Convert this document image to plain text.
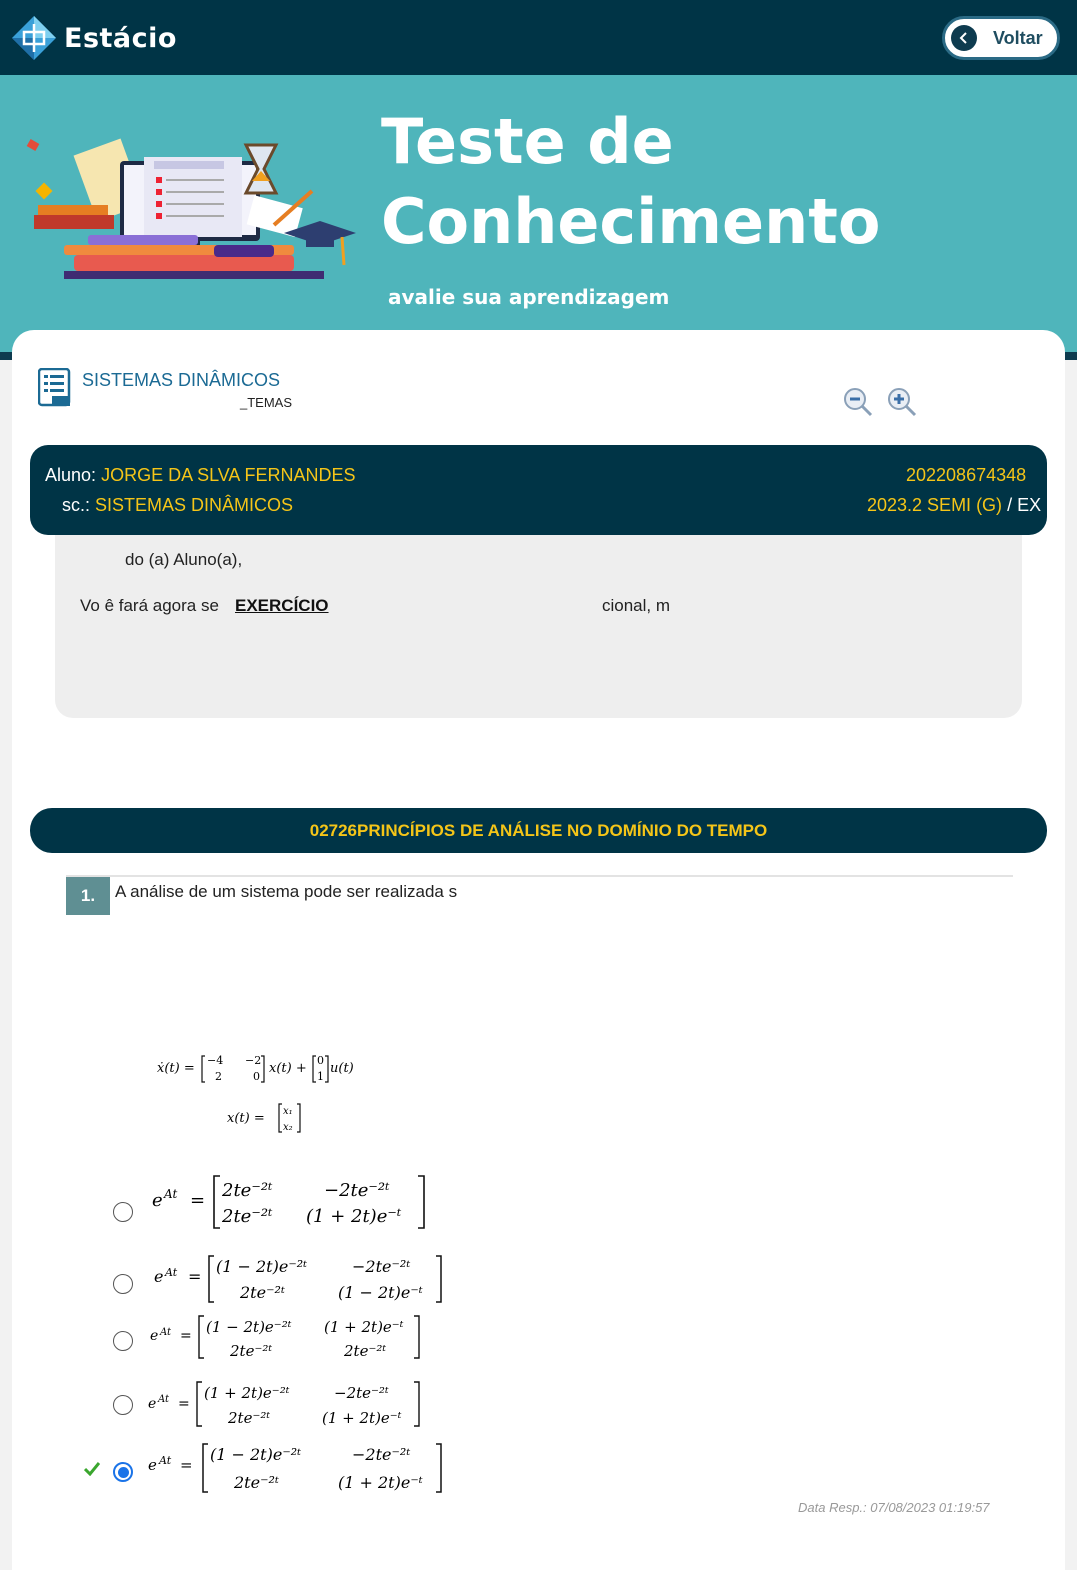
Estácio	Voltar
Teste de
Conhecimento
avalie sua aprendizagem
SISTEMAS DINÂMICOS
_TEMAS
Aluno: JORGE DA SLVA FERNANDES	202208674348
sc.: SISTEMAS DINÂMICOS	2023.2 SEMI (G) / EX
do (a) Aluno(a),
Vo ê fará agora se EXERCÍCIO	cional, m
02726PRINCÍPIOS DE ANÁLISE NO DOMÍNIO DO TEMPO
1.	A análise de um sistema pode ser realizada s
ẋ(t) =
−4 −2
2	0
x(t) +
0
1
u(t)
x(t) = x₁
x₂
e At = 2te⁻²ᵗ	−2te⁻²ᵗ
2te⁻²ᵗ (1 + 2t)e⁻ᵗ
e At =
(1 − 2t)e⁻²ᵗ	−2te⁻²ᵗ
2te⁻²ᵗ	(1 − 2t)e⁻ᵗ
e At = (1 − 2t)e⁻²ᵗ (1 + 2t)e⁻ᵗ
2te⁻²ᵗ	2te⁻²ᵗ
e At =
(1 + 2t)e⁻²ᵗ	−2te⁻²ᵗ
2te⁻²ᵗ	(1 + 2t)e⁻ᵗ
e At =
(1 − 2t)e⁻²ᵗ	−2te⁻²ᵗ
2te⁻²ᵗ	(1 + 2t)e⁻ᵗ
Data Resp.: 07/08/2023 01:19:57
